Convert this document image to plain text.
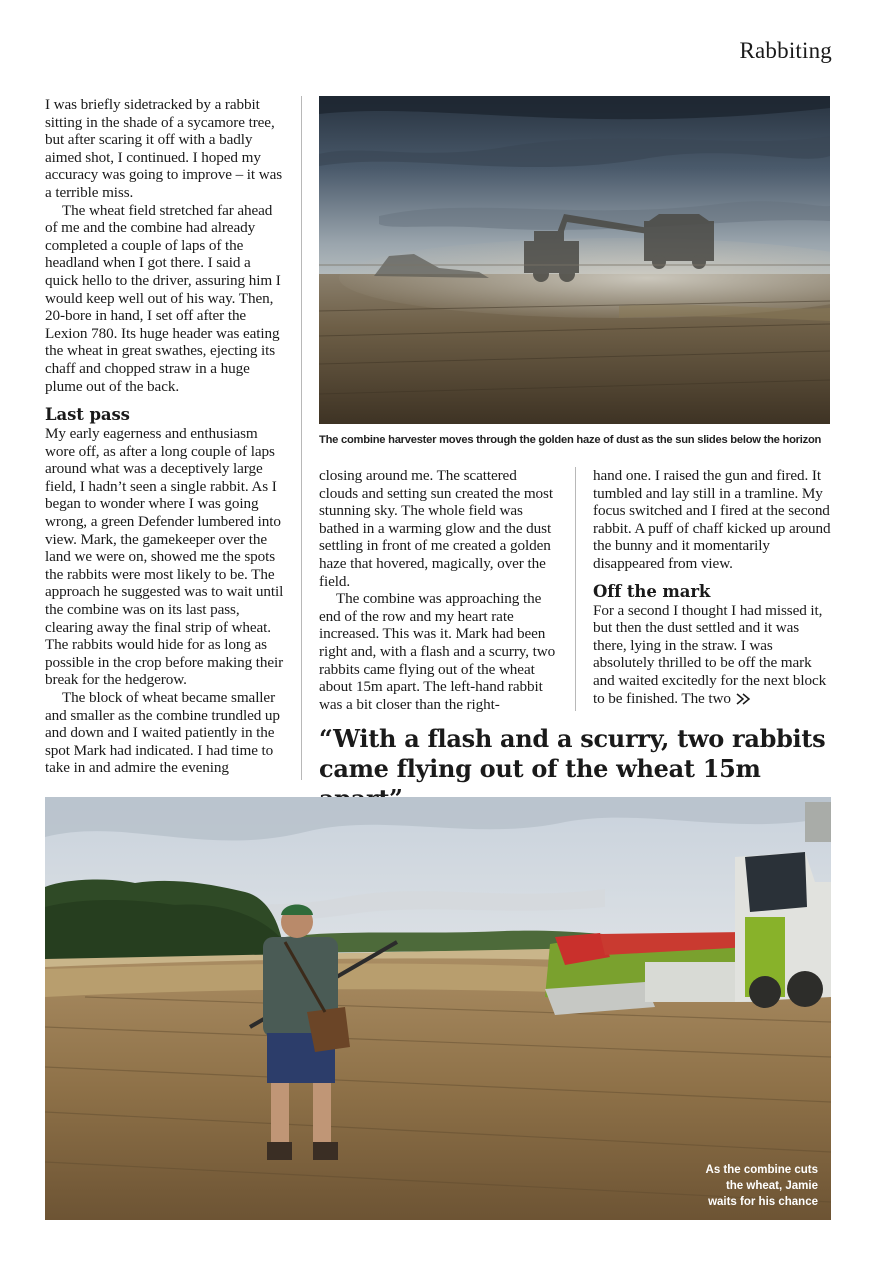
Rabbiting

I was briefly sidetracked by a rabbit sitting in the shade of a sycamore tree, but after scaring it off with a badly aimed shot, I continued. I hoped my accuracy was going to improve – it was a terrible miss.

The wheat field stretched far ahead of me and the combine had already completed a couple of laps of the headland when I got there. I said a quick hello to the driver, assuring him I would keep well out of his way. Then, 20-bore in hand, I set off after the Lexion 780. Its huge header was eating the wheat in great swathes, ejecting its chaff and chopped straw in a huge plume out of the back.

Last pass

My early eagerness and enthusiasm wore off, as after a long couple of laps around what was a deceptively large field, I hadn’t seen a single rabbit. As I began to wonder where I was going wrong, a green Defender lumbered into view. Mark, the gamekeeper over the land we were on, showed me the spots the rabbits were most likely to be. The approach he suggested was to wait until the combine was on its last pass, clearing away the final strip of wheat. The rabbits would hide for as long as possible in the crop before making their break for the hedgerow.

The block of wheat became smaller and smaller as the combine trundled up and down and I waited patiently in the spot Mark had indicated. I had time to take in and admire the evening

The combine harvester moves through the golden haze of dust as the sun slides below the horizon

closing around me. The scattered clouds and setting sun created the most stunning sky. The whole field was bathed in a warming glow and the dust settling in front of me created a golden haze that hovered, magically, over the field.

The combine was approaching the end of the row and my heart rate increased. This was it. Mark had been right and, with a flash and a scurry, two rabbits came flying out of the wheat about 15m apart. The left-hand rabbit was a bit closer than the right-

hand one. I raised the gun and fired. It tumbled and lay still in a tramline. My focus switched and I fired at the second rabbit. A puff of chaff kicked up around the bunny and it momentarily disappeared from view.

Off the mark

For a second I thought I had missed it, but then the dust settled and it was there, lying in the straw. I was absolutely thrilled to be off the mark and waited excitedly for the next block to be finished. The two

“With a flash and a scurry, two rabbits
came flying out of the wheat 15m
As the combine cuts
the wheat, Jamie
waits for his chance
